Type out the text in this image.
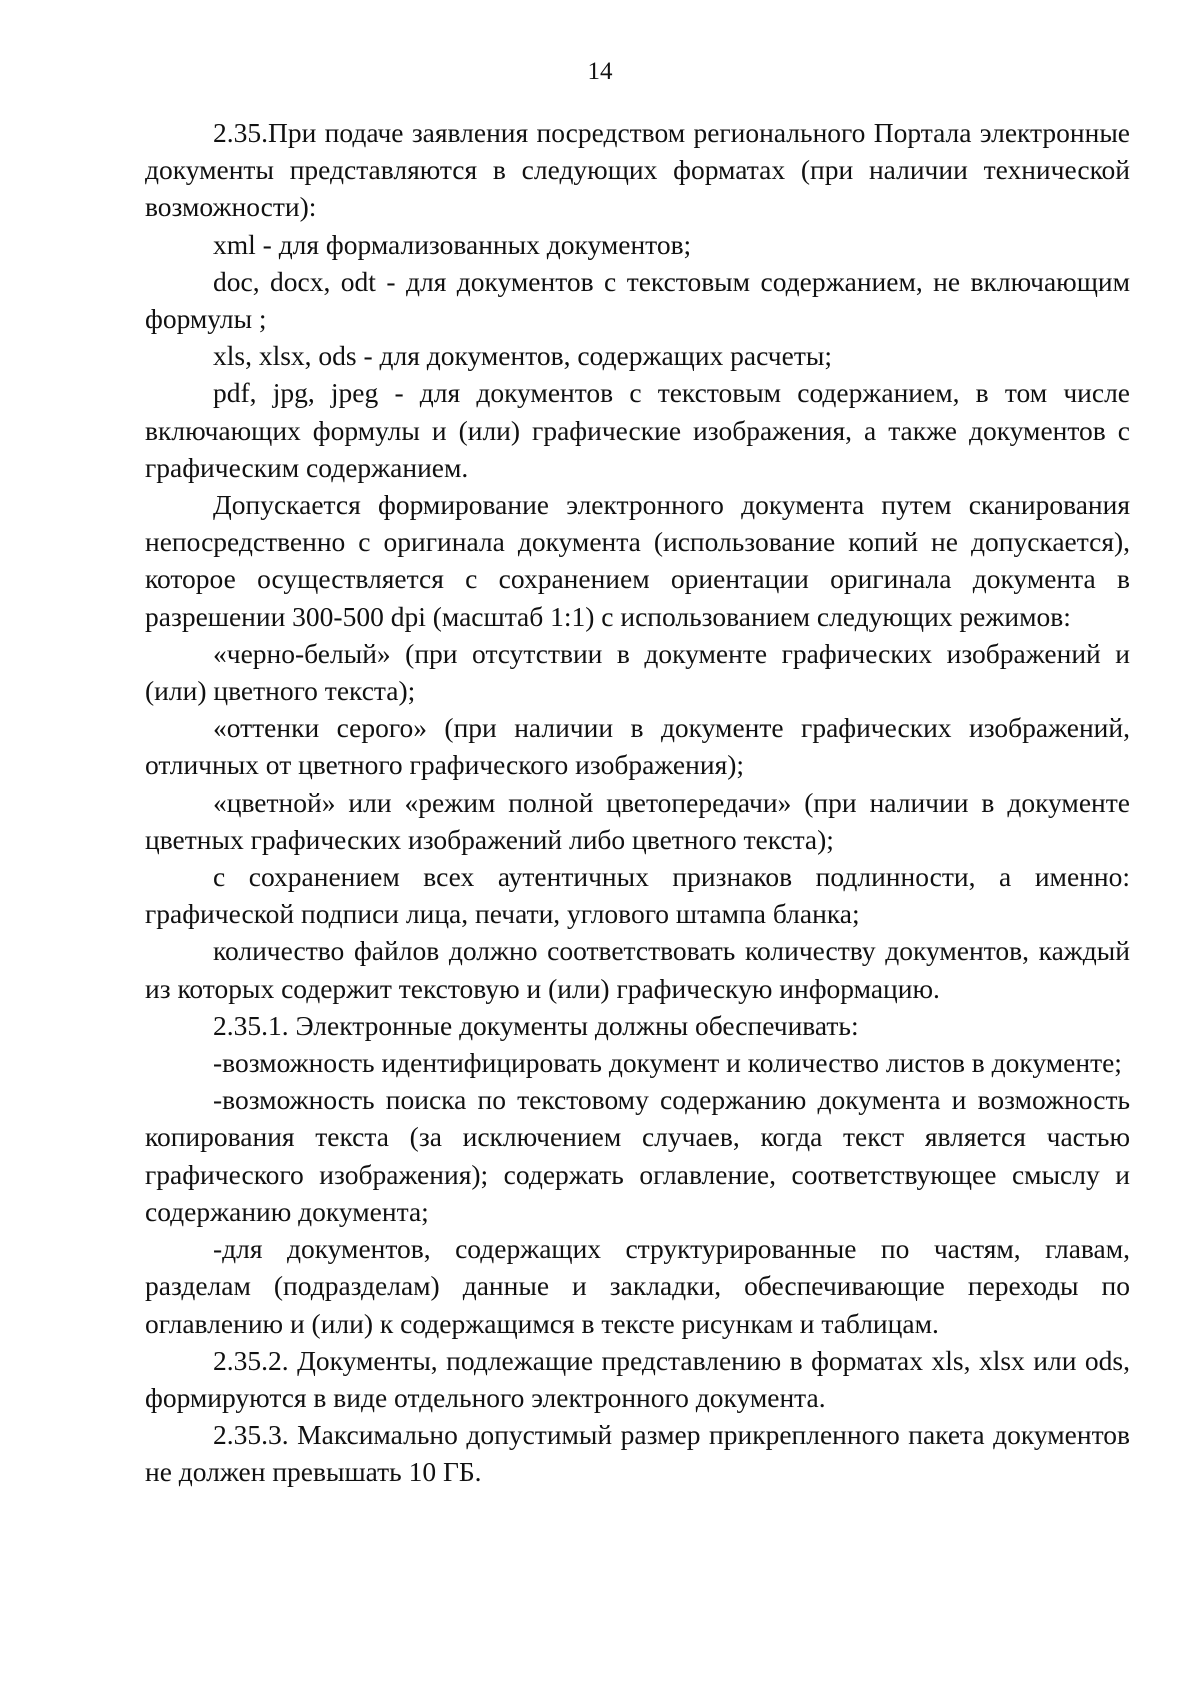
14

2.35.При подаче заявления посредством регионального Портала электронные документы представляются в следующих форматах (при наличии технической возможности):

xml - для формализованных документов;

doc, docx, odt - для документов с текстовым содержанием, не включающим формулы ;

xls, xlsx, ods - для документов, содержащих расчеты;

pdf, jpg, jpeg - для документов с текстовым содержанием, в том числе включающих формулы и (или) графические изображения, а также документов с графическим содержанием.

Допускается формирование электронного документа путем сканирования непосредственно с оригинала документа (использование копий не допускается), которое осуществляется с сохранением ориентации оригинала документа в разрешении 300-500 dpi (масштаб 1:1) с использованием следующих режимов:

«черно-белый» (при отсутствии в документе графических изображений и (или) цветного текста);

«оттенки серого» (при наличии в документе графических изображений, отличных от цветного графического изображения);

«цветной» или «режим полной цветопередачи» (при наличии в документе цветных графических изображений либо цветного текста);

с сохранением всех аутентичных признаков подлинности, а именно: графической подписи лица, печати, углового штампа бланка;

количество файлов должно соответствовать количеству документов, каждый из которых содержит текстовую и (или) графическую информацию.

2.35.1. Электронные документы должны обеспечивать:

-возможность идентифицировать документ и количество листов в документе;

-возможность поиска по текстовому содержанию документа и возможность копирования текста (за исключением случаев, когда текст является частью графического изображения); содержать оглавление, соответствующее смыслу и содержанию документа;

-для документов, содержащих структурированные по частям, главам, разделам (подразделам) данные и закладки, обеспечивающие переходы по оглавлению и (или) к содержащимся в тексте рисункам и таблицам.

2.35.2. Документы, подлежащие представлению в форматах xls, xlsx или ods, формируются в виде отдельного электронного документа.

2.35.3. Максимально допустимый размер прикрепленного пакета документов не должен превышать 10 ГБ.
